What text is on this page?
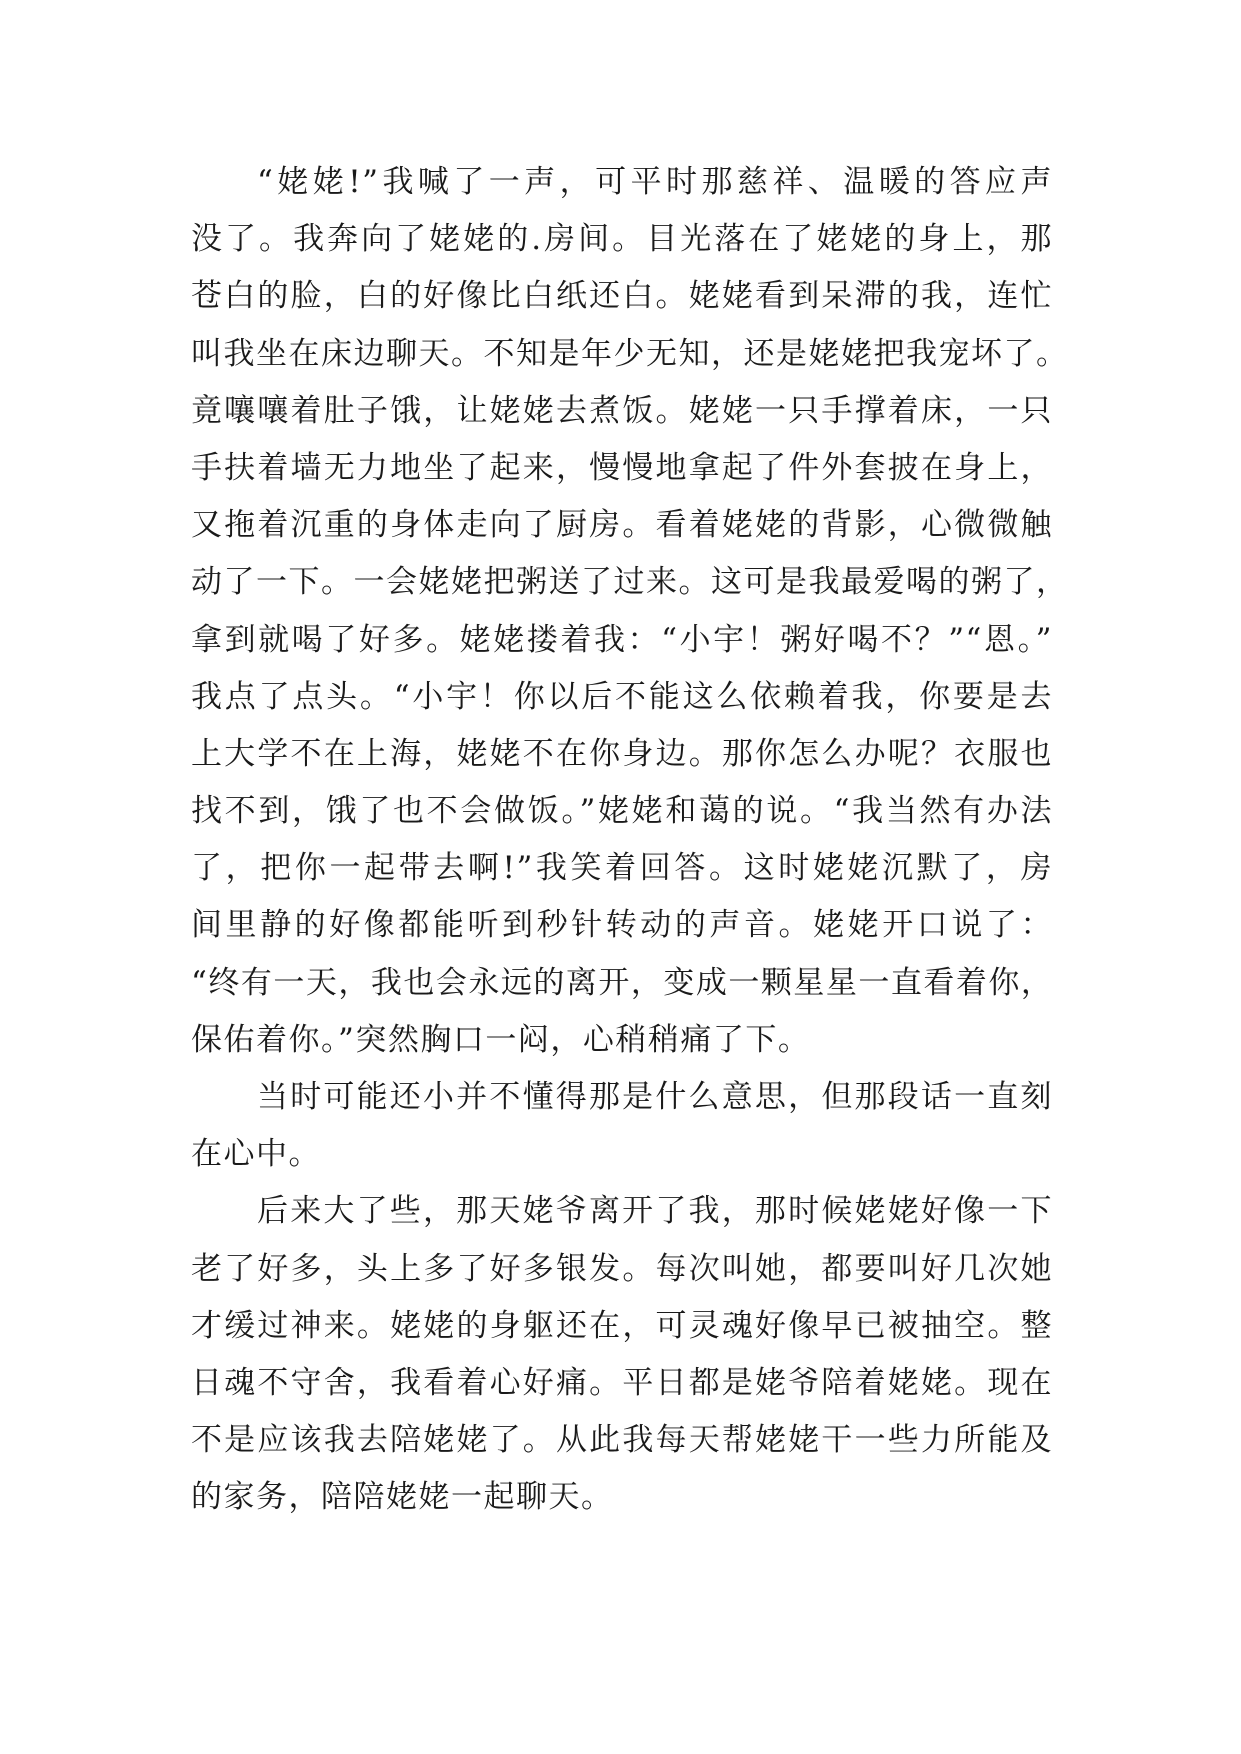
“姥姥!”我喊了一声，可平时那慈祥、温暖的答应声
没了。我奔向了姥姥的.房间。目光落在了姥姥的身上，那
苍白的脸，白的好像比白纸还白。姥姥看到呆滞的我，连忙
叫我坐在床边聊天。不知是年少无知，还是姥姥把我宠坏了。
竟嚷嚷着肚子饿，让姥姥去煮饭。姥姥一只手撑着床，一只
手扶着墙无力地坐了起来，慢慢地拿起了件外套披在身上，
又拖着沉重的身体走向了厨房。看着姥姥的背影，心微微触
动了一下。一会姥姥把粥送了过来。这可是我最爱喝的粥了，
拿到就喝了好多。姥姥搂着我：“小宇！粥好喝不？”“恩。”
我点了点头。“小宇！你以后不能这么依赖着我，你要是去
上大学不在上海，姥姥不在你身边。那你怎么办呢？衣服也
找不到，饿了也不会做饭。”姥姥和蔼的说。“我当然有办法
了，把你一起带去啊!”我笑着回答。这时姥姥沉默了，房
间里静的好像都能听到秒针转动的声音。姥姥开口说了：
“终有一天，我也会永远的离开，变成一颗星星一直看着你，
保佑着你。”突然胸口一闷，心稍稍痛了下。
当时可能还小并不懂得那是什么意思，但那段话一直刻
在心中。
后来大了些，那天姥爷离开了我，那时候姥姥好像一下
老了好多，头上多了好多银发。每次叫她，都要叫好几次她
才缓过神来。姥姥的身躯还在，可灵魂好像早已被抽空。整
日魂不守舍，我看着心好痛。平日都是姥爷陪着姥姥。现在
不是应该我去陪姥姥了。从此我每天帮姥姥干一些力所能及
的家务，陪陪姥姥一起聊天。
